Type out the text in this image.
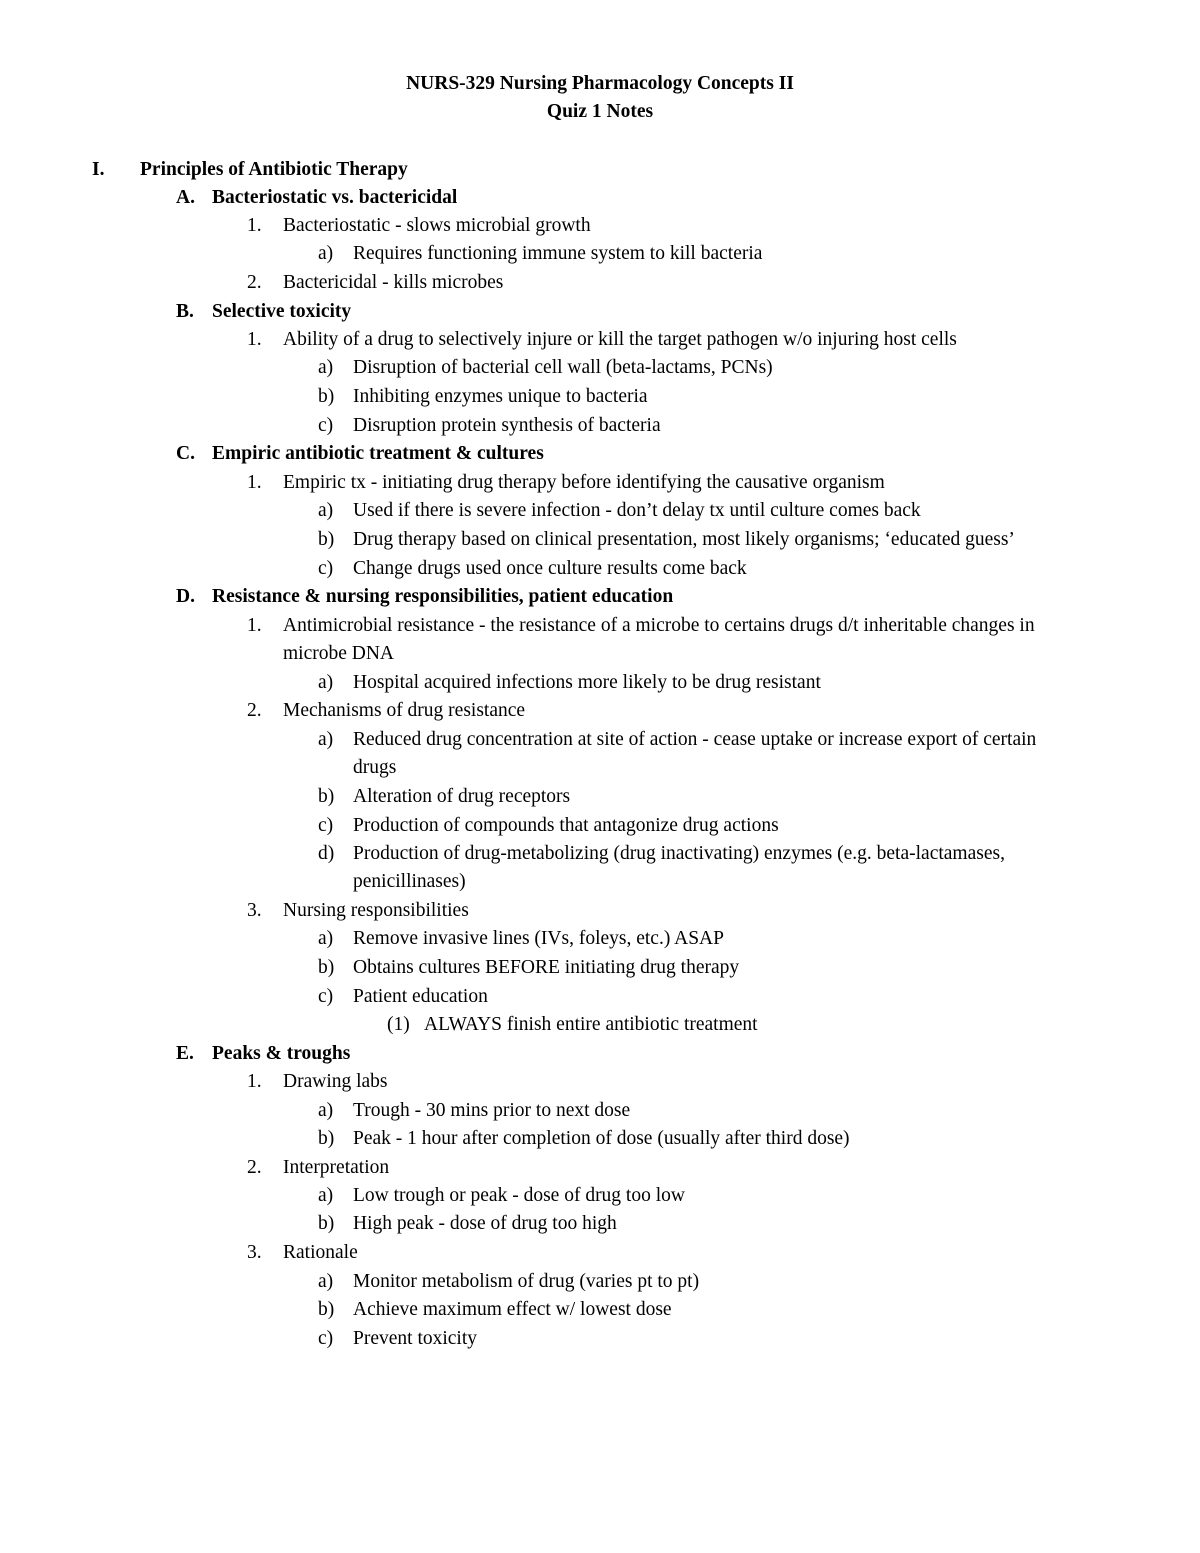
NURS-329 Nursing Pharmacology Concepts II
Quiz 1 Notes
I. Principles of Antibiotic Therapy
A. Bacteriostatic vs. bactericidal
1. Bacteriostatic - slows microbial growth
a) Requires functioning immune system to kill bacteria
2. Bactericidal - kills microbes
B. Selective toxicity
1. Ability of a drug to selectively injure or kill the target pathogen w/o injuring host cells
a) Disruption of bacterial cell wall (beta-lactams, PCNs)
b) Inhibiting enzymes unique to bacteria
c) Disruption protein synthesis of bacteria
C. Empiric antibiotic treatment & cultures
1. Empiric tx - initiating drug therapy before identifying the causative organism
a) Used if there is severe infection - don’t delay tx until culture comes back
b) Drug therapy based on clinical presentation, most likely organisms; ‘educated guess’
c) Change drugs used once culture results come back
D. Resistance & nursing responsibilities, patient education
1. Antimicrobial resistance - the resistance of a microbe to certains drugs d/t inheritable changes in
microbe DNA
a) Hospital acquired infections more likely to be drug resistant
2. Mechanisms of drug resistance
a) Reduced drug concentration at site of action - cease uptake or increase export of certain
drugs
b) Alteration of drug receptors
c) Production of compounds that antagonize drug actions
d) Production of drug-metabolizing (drug inactivating) enzymes (e.g. beta-lactamases,
penicillinases)
3. Nursing responsibilities
a) Remove invasive lines (IVs, foleys, etc.) ASAP
b) Obtains cultures BEFORE initiating drug therapy
c) Patient education
(1) ALWAYS finish entire antibiotic treatment
E. Peaks & troughs
1. Drawing labs
a) Trough - 30 mins prior to next dose
b) Peak - 1 hour after completion of dose (usually after third dose)
2. Interpretation
a) Low trough or peak - dose of drug too low
b) High peak - dose of drug too high
3. Rationale
a) Monitor metabolism of drug (varies pt to pt)
b) Achieve maximum effect w/ lowest dose
c) Prevent toxicity
